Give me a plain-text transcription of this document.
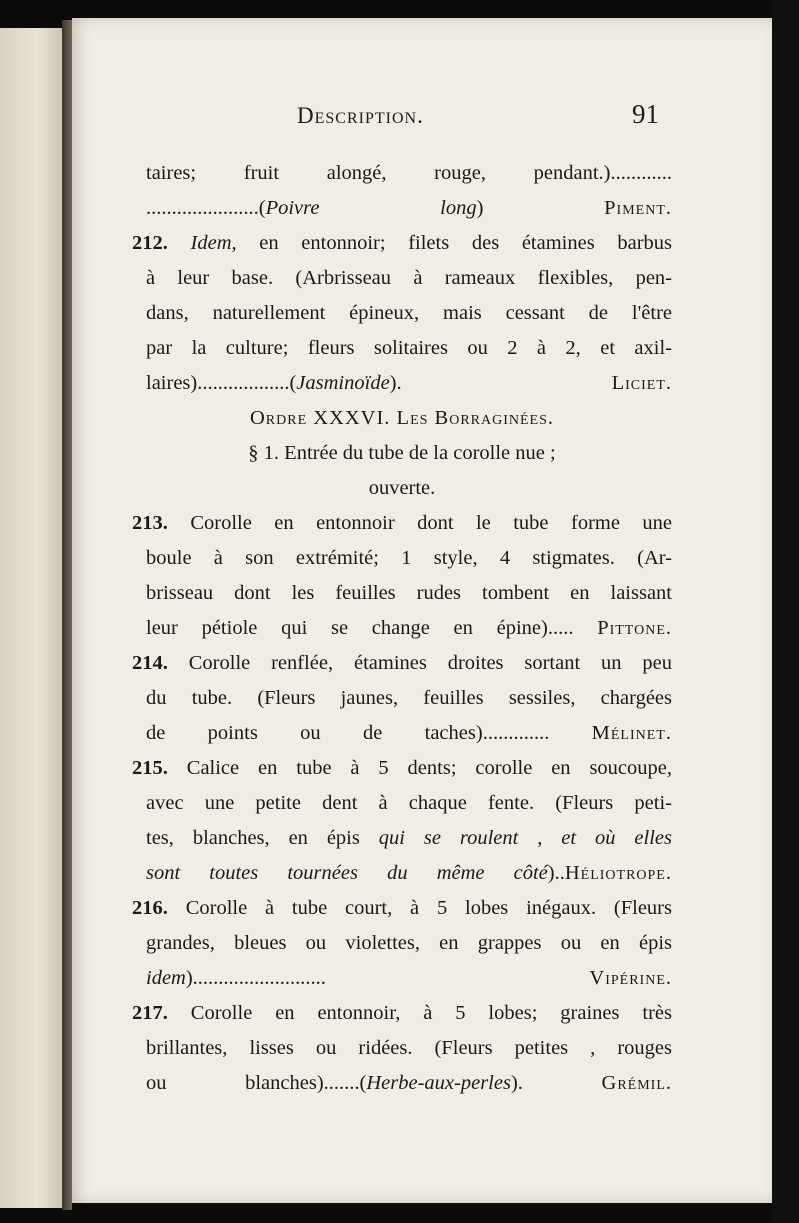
Description.	91
taires; fruit alongé, rouge, pendant.)............
......................(Poivre long) Piment.
212. Idem, en entonnoir; filets des étamines barbus
à leur base. (Arbrisseau à rameaux flexibles, pen-
dans, naturellement épineux, mais cessant de l'être
par la culture; fleurs solitaires ou 2 à 2, et axil-
laires)..................(Jasminoïde). Liciet.
Ordre XXXVI. Les Borraginées.
§ 1. Entrée du tube de la corolle nue ;
ouverte.
213. Corolle en entonnoir dont le tube forme une
boule à son extrémité; 1 style, 4 stigmates. (Ar-
brisseau dont les feuilles rudes tombent en laissant
leur pétiole qui se change en épine)..... Pittone.
214. Corolle renflée, étamines droites sortant un peu
du tube. (Fleurs jaunes, feuilles sessiles, chargées
de points ou de taches)............. Mélinet.
215. Calice en tube à 5 dents; corolle en soucoupe,
avec une petite dent à chaque fente. (Fleurs peti-
tes, blanches, en épis qui se roulent , et où elles
sont toutes tournées du même côté)..Héliotrope.
216. Corolle à tube court, à 5 lobes inégaux. (Fleurs
grandes, bleues ou violettes, en grappes ou en épis
idem).......................... Vipérine.
217. Corolle en entonnoir, à 5 lobes; graines très
brillantes, lisses ou ridées. (Fleurs petites , rouges
ou blanches).......(Herbe-aux-perles). Grémil.
